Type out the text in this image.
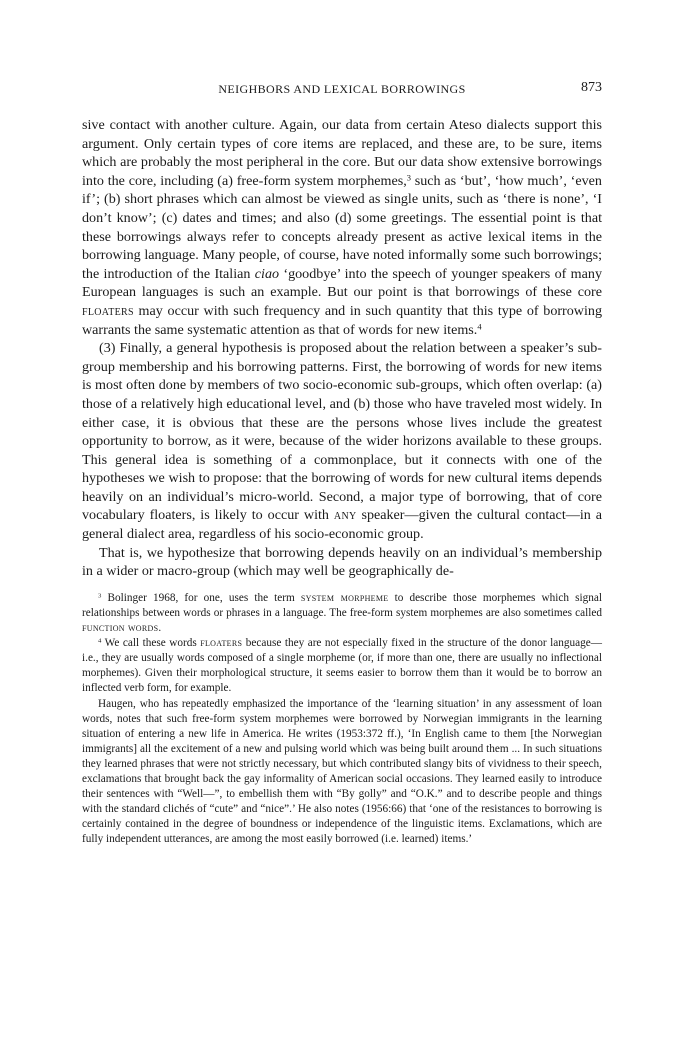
NEIGHBORS AND LEXICAL BORROWINGS	873

sive contact with another culture. Again, our data from certain Ateso dialects support this argument. Only certain types of core items are replaced, and these are, to be sure, items which are probably the most peripheral in the core. But our data show extensive borrowings into the core, including (a) free-form system morphemes,$^3$ such as ‘but’, ‘how much’, ‘even if’; (b) short phrases which can almost be viewed as single units, such as ‘there is none’, ‘I don’t know’; (c) dates and times; and also (d) some greetings. The essential point is that these borrowings always refer to concepts already present as active lexical items in the borrowing language. Many people, of course, have noted informally some such borrowings; the introduction of the Italian ciao ‘goodbye’ into the speech of younger speakers of many European languages is such an example. But our point is that borrowings of these core floaters may occur with such frequency and in such quantity that this type of borrowing warrants the same systematic attention as that of words for new items.$^4$

(3) Finally, a general hypothesis is proposed about the relation between a speaker’s sub-group membership and his borrowing patterns. First, the borrowing of words for new items is most often done by members of two socio-economic sub-groups, which often overlap: (a) those of a relatively high educational level, and (b) those who have traveled most widely. In either case, it is obvious that these are the persons whose lives include the greatest opportunity to borrow, as it were, because of the wider horizons available to these groups. This general idea is something of a commonplace, but it connects with one of the hypotheses we wish to propose: that the borrowing of words for new cultural items depends heavily on an individual’s micro-world. Second, a major type of borrowing, that of core vocabulary floaters, is likely to occur with any speaker—given the cultural contact—in a general dialect area, regardless of his socio-economic group.

That is, we hypothesize that borrowing depends heavily on an individual’s membership in a wider or macro-group (which may well be geographically de-

$^3$ Bolinger 1968, for one, uses the term system morpheme to describe those morphemes which signal relationships between words or phrases in a language. The free-form system morphemes are also sometimes called function words.

$^4$ We call these words floaters because they are not especially fixed in the structure of the donor language—i.e., they are usually words composed of a single morpheme (or, if more than one, there are usually no inflectional morphemes). Given their morphological structure, it seems easier to borrow them than it would be to borrow an inflected verb form, for example.

Haugen, who has repeatedly emphasized the importance of the ‘learning situation’ in any assessment of loan words, notes that such free-form system morphemes were borrowed by Norwegian immigrants in the learning situation of entering a new life in America. He writes (1953:372 ff.), ‘In English came to them [the Norwegian immigrants] all the excitement of a new and pulsing world which was being built around them ... In such situations they learned phrases that were not strictly necessary, but which contributed slangy bits of vividness to their speech, exclamations that brought back the gay informality of American social occasions. They learned easily to introduce their sentences with “Well—”, to embellish them with “By golly” and “O.K.” and to describe people and things with the standard clichés of “cute” and “nice”.’ He also notes (1956:66) that ‘one of the resistances to borrowing is certainly contained in the degree of boundness or independence of the linguistic items. Exclamations, which are fully independent utterances, are among the most easily borrowed (i.e. learned) items.’
